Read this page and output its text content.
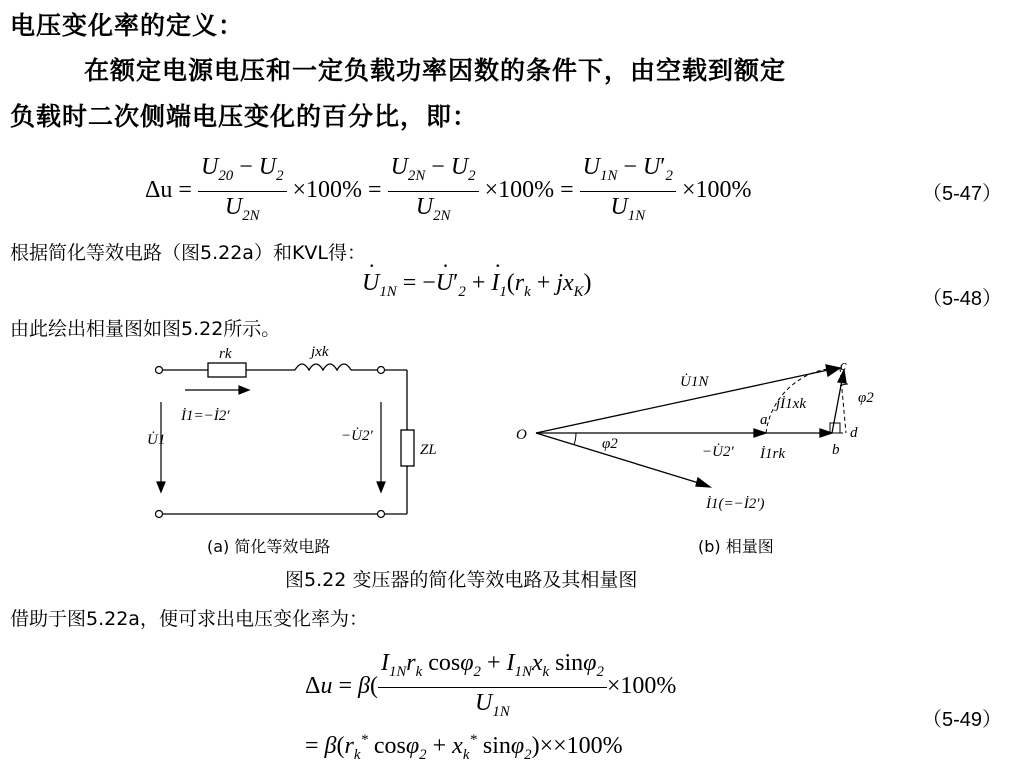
电压变化率的定义：
在额定电源电压和一定负载功率因数的条件下，由空载到额定
负载时二次侧端电压变化的百分比，即：
$\Delta u = \frac{U_{20} - U_2}{U_{2N}} \times 100\% = \frac{U_{2N} - U_2}{U_{2N}} \times 100\% = \frac{U_{1N} - U'_2}{U_{1N}} \times 100\%$	（5-47）
根据简化等效电路（图5.22a）和KVL得：
· $U_{1N}$ = −· $U'_2$ + · $I_1(r_k + jx_K)$
（5-48）
由此绘出相量图如图5.22所示。
rk	jxk
İ1=−İ2′
U̇1	−U̇2′
ZL
(a) 简化等效电路
O
U̇1N
jİ1xk	φ2
φ2
a
b
c
d
−U̇2′ İ1rk
İ1(=−İ2′)
(b) 相量图
图5.22 变压器的简化等效电路及其相量图
借助于图5.22a，便可求出电压变化率为：
$\Delta u = \beta( \frac{I_{1N}r_k \cos\varphi_2 + I_{1N}x_k \sin\varphi_2}{U_{1N}} \times 100\%$
（5-49）
= $\beta(r_k^*$ $\cos\varphi_2 + x_k^*$ sinφ$_2$)××100%
